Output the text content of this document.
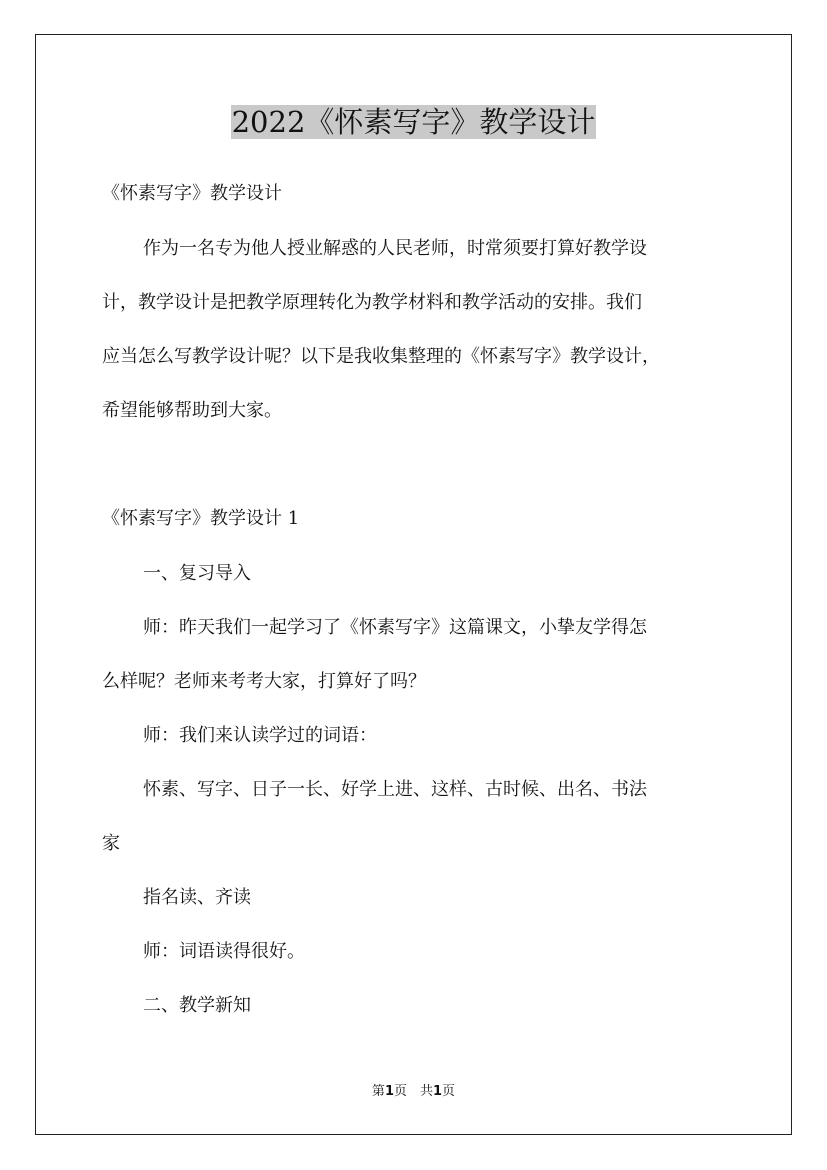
2022《怀素写字》教学设计

《怀素写字》教学设计

作为一名专为他人授业解惑的人民老师，时常须要打算好教学设

计，教学设计是把教学原理转化为教学材料和教学活动的安排。我们

应当怎么写教学设计呢？以下是我收集整理的《怀素写字》教学设计，

希望能够帮助到大家。

《怀素写字》教学设计 1

一、复习导入

师：昨天我们一起学习了《怀素写字》这篇课文，小挚友学得怎

么样呢？老师来考考大家，打算好了吗？

师：我们来认读学过的词语：

怀素、写字、日子一长、好学上进、这样、古时候、出名、书法

家

指名读、齐读

师：词语读得很好。

二、教学新知

第1页　共1页
